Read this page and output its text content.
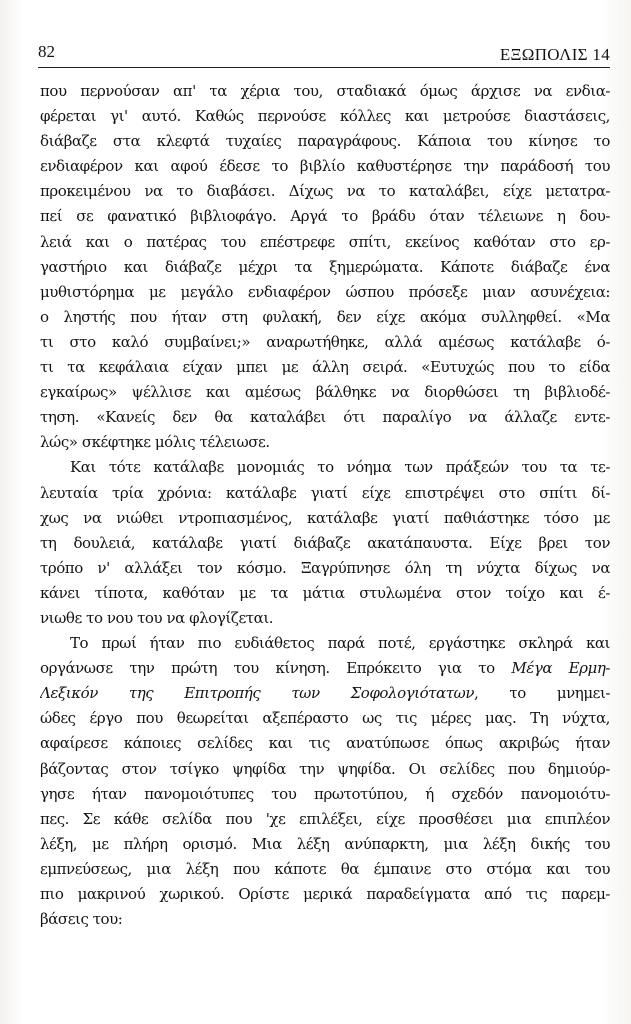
82	ΕΞΩΠΟΛΙΣ 14
που περνούσαν απ' τα χέρια του, σταδιακά όμως άρχισε να ενδια-
φέρεται γι' αυτό. Καθώς περνούσε κόλλες και μετρούσε διαστάσεις,
διάβαζε στα κλεφτά τυχαίες παραγράφους. Κάποια του κίνησε το
ενδιαφέρον και αφού έδεσε το βιβλίο καθυστέρησε την παράδοσή του
προκειμένου να το διαβάσει. Δίχως να το καταλάβει, είχε μετατρα-
πεί σε φανατικό βιβλιοφάγο. Αργά το βράδυ όταν τέλειωνε η δου-
λειά και ο πατέρας του επέστρεφε σπίτι, εκείνος καθόταν στο ερ-
γαστήριο και διάβαζε μέχρι τα ξημερώματα. Κάποτε διάβαζε ένα
μυθιστόρημα με μεγάλο ενδιαφέρον ώσπου πρόσεξε μιαν ασυνέχεια:
ο ληστής που ήταν στη φυλακή, δεν είχε ακόμα συλληφθεί. «Μα
τι στο καλό συμβαίνει;» αναρωτήθηκε, αλλά αμέσως κατάλαβε ό-
τι τα κεφάλαια είχαν μπει με άλλη σειρά. «Ευτυχώς που το είδα
εγκαίρως» ψέλλισε και αμέσως βάλθηκε να διορθώσει τη βιβλιοδέ-
τηση. «Κανείς δεν θα καταλάβει ότι παραλίγο να άλλαζε εντε-
λώς» σκέφτηκε μόλις τέλειωσε.
Και τότε κατάλαβε μονομιάς το νόημα των πράξεών του τα τε-
λευταία τρία χρόνια: κατάλαβε γιατί είχε επιστρέψει στο σπίτι δί-
χως να νιώθει ντροπιασμένος, κατάλαβε γιατί παθιάστηκε τόσο με
τη δουλειά, κατάλαβε γιατί διάβαζε ακατάπαυστα. Είχε βρει τον
τρόπο ν' αλλάξει τον κόσμο. Ξαγρύπνησε όλη τη νύχτα δίχως να
κάνει τίποτα, καθόταν με τα μάτια στυλωμένα στον τοίχο και έ-
νιωθε το νου του να φλογίζεται.
Το πρωί ήταν πιο ευδιάθετος παρά ποτέ, εργάστηκε σκληρά και
οργάνωσε την πρώτη του κίνηση. Επρόκειτο για το Μέγα Ερμη-
Λεξικόν της Επιτροπής των Σοφολογιότατων, το μνημει-
ώδες έργο που θεωρείται αξεπέραστο ως τις μέρες μας. Τη νύχτα,
αφαίρεσε κάποιες σελίδες και τις ανατύπωσε όπως ακριβώς ήταν
βάζοντας στον τσίγκο ψηφίδα την ψηφίδα. Οι σελίδες που δημιούρ-
γησε ήταν πανομοιότυπες του πρωτοτύπου, ή σχεδόν πανομοιότυ-
πες. Σε κάθε σελίδα που 'χε επιλέξει, είχε προσθέσει μια επιπλέον
λέξη, με πλήρη ορισμό. Μια λέξη ανύπαρκτη, μια λέξη δικής του
εμπνεύσεως, μια λέξη που κάποτε θα έμπαινε στο στόμα και του
πιο μακρινού χωρικού. Ορίστε μερικά παραδείγματα από τις παρεμ-
βάσεις του:
